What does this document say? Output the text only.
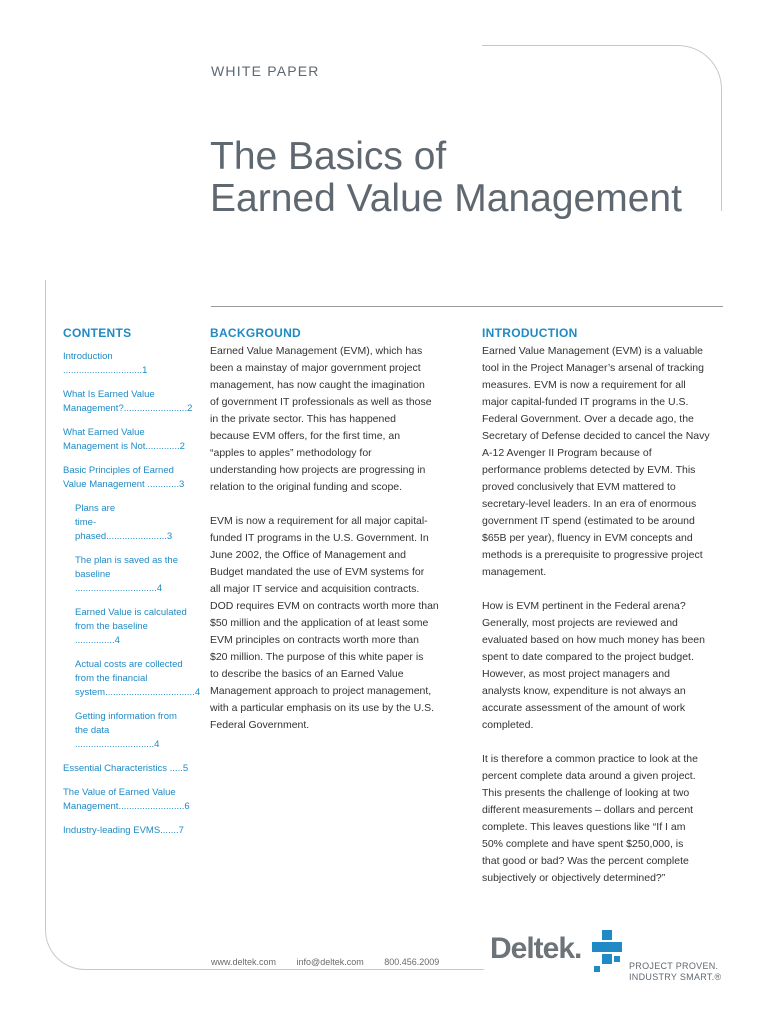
WHITE PAPER
The Basics of
Earned Value Management
CONTENTS
Introduction ..............................1
What Is Earned Value
Management?........................2
What Earned Value
Management is Not.............2
Basic Principles of Earned
Value Management ............3
Plans are
time-phased.......................3
The plan is saved as the
baseline ...............................4
Earned Value is calculated
from the baseline ...............4
Actual costs are collected
from the financial
system..................................4
Getting information from
the data ..............................4
Essential Characteristics .....5
The Value of Earned Value
Management.........................6
Industry-leading EVMS.......7
BACKGROUND

Earned Value Management (EVM), which has
been a mainstay of major government project
management, has now caught the imagination
of government IT professionals as well as those
in the private sector. This has happened
because EVM offers, for the first time, an
“apples to apples” methodology for
understanding how projects are progressing in
relation to the original funding and scope.

EVM is now a requirement for all major capital-
funded IT programs in the U.S. Government. In
June 2002, the Office of Management and
Budget mandated the use of EVM systems for
all major IT service and acquisition contracts.
DOD requires EVM on contracts worth more than
$50 million and the application of at least some
EVM principles on contracts worth more than
$20 million. The purpose of this white paper is
to describe the basics of an Earned Value
Management approach to project management,
with a particular emphasis on its use by the U.S.
Federal Government.

INTRODUCTION

Earned Value Management (EVM) is a valuable
tool in the Project Manager’s arsenal of tracking
measures. EVM is now a requirement for all
major capital-funded IT programs in the U.S.
Federal Government. Over a decade ago, the
Secretary of Defense decided to cancel the Navy
A-12 Avenger II Program because of
performance problems detected by EVM. This
proved conclusively that EVM mattered to
secretary-level leaders. In an era of enormous
government IT spend (estimated to be around
$65B per year), fluency in EVM concepts and
methods is a prerequisite to progressive project
management.

How is EVM pertinent in the Federal arena?
Generally, most projects are reviewed and
evaluated based on how much money has been
spent to date compared to the project budget.
However, as most project managers and
analysts know, expenditure is not always an
accurate assessment of the amount of work
completed.

It is therefore a common practice to look at the
percent complete data around a given project.
This presents the challenge of looking at two
different measurements – dollars and percent
complete. This leaves questions like “If I am
50% complete and have spent $250,000, is
that good or bad? Was the percent complete
subjectively or objectively determined?”

www.deltek.com info@deltek.com 800.456.2009	Deltek.
PROJECT PROVEN.
INDUSTRY SMART.®
